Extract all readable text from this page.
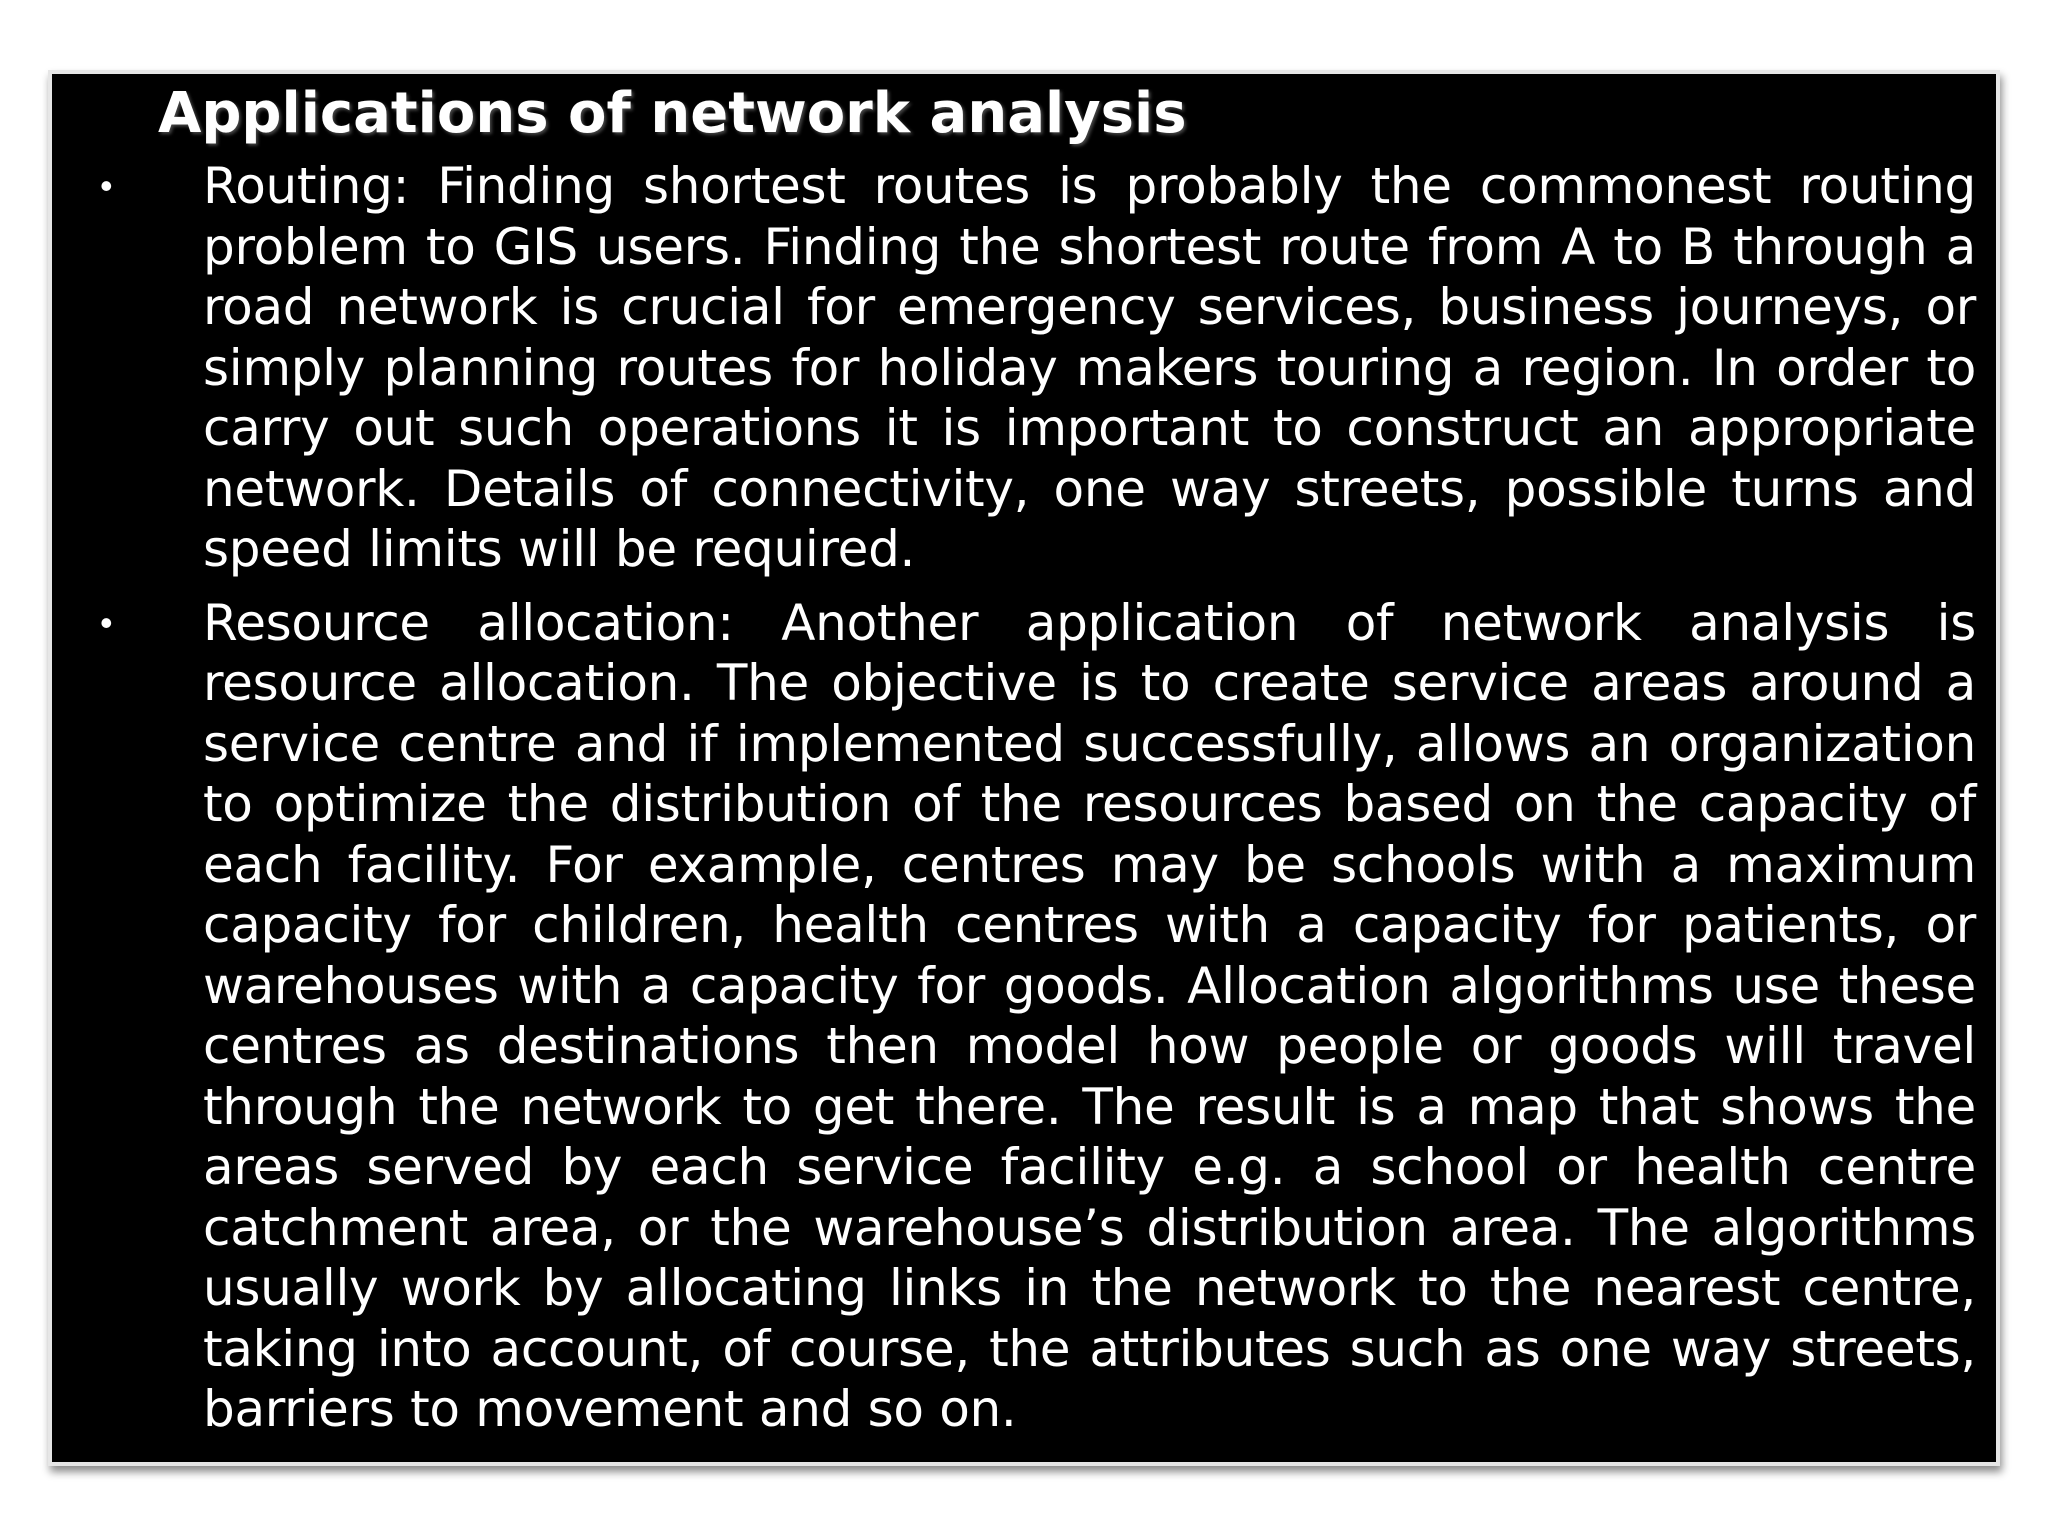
Applications of network analysis
• Routing: Finding shortest routes is probably the commonest routing problem to GIS users. Finding the shortest route from A to B through a road network is crucial for emergency services, business journeys, or simply planning routes for holiday makers touring a region. In order to carry out such operations it is important to construct an appropriate network. Details of connectivity, one way streets, possible turns and speed limits will be required.

• Resource allocation: Another application of network analysis is resource allocation. The objective is to create service areas around a service centre and if implemented successfully, allows an organization to optimize the distribution of the resources based on the capacity of each facility. For example, centres may be schools with a maximum capacity for children, health centres with a capacity for patients, or warehouses with a capacity for goods. Allocation algorithms use these centres as destinations then model how people or goods will travel through the network to get there. The result is a map that shows the areas served by each service facility e.g. a school or health centre catchment area, or the warehouse’s distribution area. The algorithms usually work by allocating links in the network to the nearest centre, taking into account, of course, the attributes such as one way streets, barriers to movement and so on.
